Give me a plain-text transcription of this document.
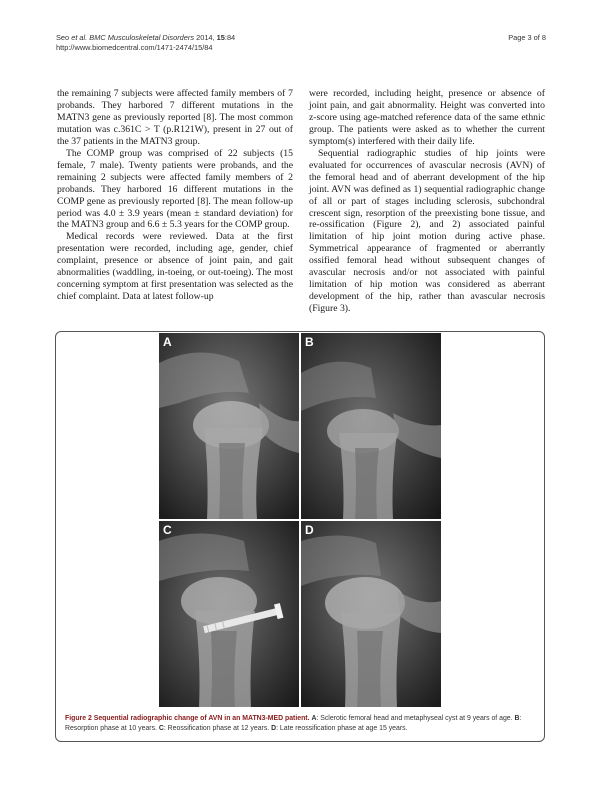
Seo et al. BMC Musculoskeletal Disorders 2014, 15:84
http://www.biomedcentral.com/1471-2474/15/84
Page 3 of 8

the remaining 7 subjects were affected family members of 7 probands. They harbored 7 different mutations in the MATN3 gene as previously reported [8]. The most common mutation was c.361C > T (p.R121W), present in 27 out of the 37 patients in the MATN3 group.

The COMP group was comprised of 22 subjects (15 female, 7 male). Twenty patients were probands, and the remaining 2 subjects were affected family members of 2 probands. They harbored 16 different mutations in the COMP gene as previously reported [8]. The mean follow-up period was 4.0 ± 3.9 years (mean ± standard deviation) for the MATN3 group and 6.6 ± 5.3 years for the COMP group.

Medical records were reviewed. Data at the first presentation were recorded, including age, gender, chief complaint, presence or absence of joint pain, and gait abnormalities (waddling, in-toeing, or out-toeing). The most concerning symptom at first presentation was selected as the chief complaint. Data at latest follow-up

were recorded, including height, presence or absence of joint pain, and gait abnormality. Height was converted into z-score using age-matched reference data of the same ethnic group. The patients were asked as to whether the current symptom(s) interfered with their daily life.

Sequential radiographic studies of hip joints were evaluated for occurrences of avascular necrosis (AVN) of the femoral head and of aberrant development of the hip joint. AVN was defined as 1) sequential radiographic change of all or part of stages including sclerosis, subchondral crescent sign, resorption of the preexisting bone tissue, and re-ossification (Figure 2), and 2) associated painful limitation of hip joint motion during active phase. Symmetrical appearance of fragmented or aberrantly ossified femoral head without subsequent changes of avascular necrosis and/or not associated with painful limitation of hip motion was considered as aberrant development of the hip, rather than avascular necrosis (Figure 3).

A	B
C	D
Figure 2 Sequential radiographic change of AVN in an MATN3-MED patient. A: Sclerotic femoral head and metaphyseal cyst at 9 years of age. B: Resorption phase at 10 years. C: Reossification phase at 12 years. D: Late reossification phase at age 15 years.
